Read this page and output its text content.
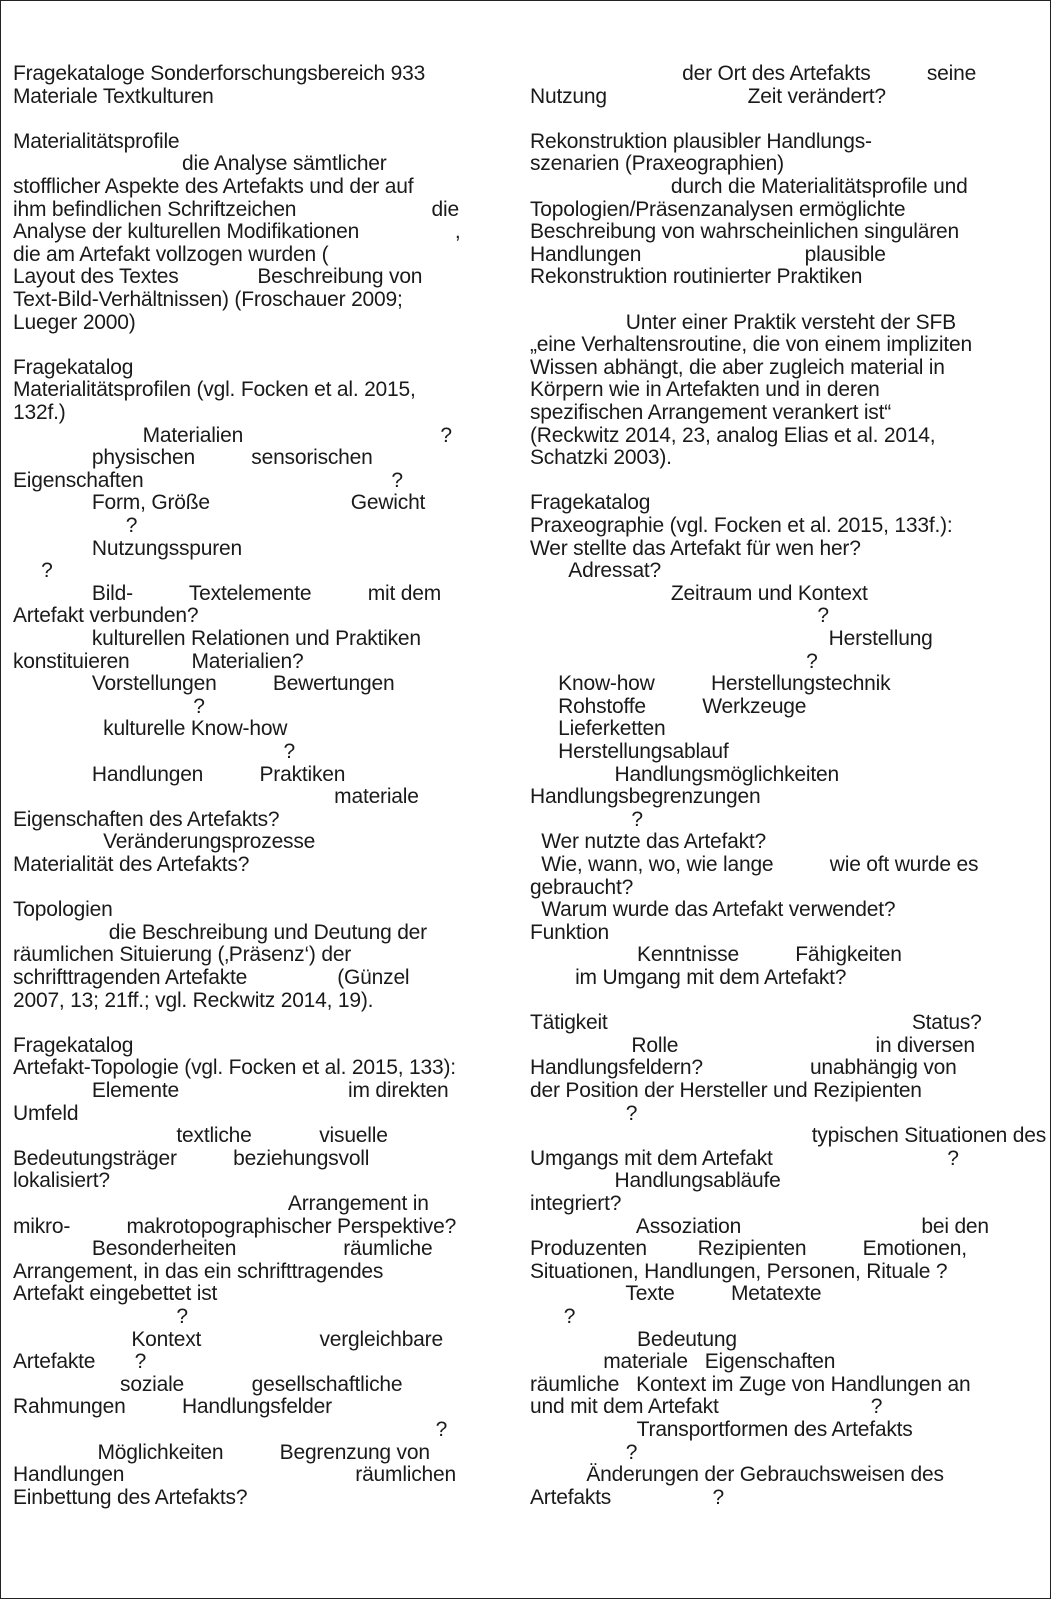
Fragekataloge Sonderforschungsbereich 933
Materiale Textkulturen
Materialitätsprofile
die Analyse sämtlicher
stofflicher Aspekte des Artefakts und der auf
ihm befindlichen Schriftzeichen                        die
Analyse der kulturellen Modifikationen                 ,
die am Artefakt vollzogen wurden (
Layout des Textes              Beschreibung von
Text-Bild-Verhältnissen) (Froschauer 2009;
Lueger 2000)
Fragekatalog
Materialitätsprofilen (vgl. Focken et al. 2015,
132f.)
Materialien                                   ?
physischen          sensorischen
Eigenschaften                                            ?
Form, Größe                         Gewicht
?
Nutzungsspuren
?
Bild-          Textelemente          mit dem
Artefakt verbunden?
kulturellen Relationen und Praktiken
konstituieren           Materialien?
Vorstellungen          Bewertungen
?
kulturelle Know-how
?
Handlungen          Praktiken
materiale
Eigenschaften des Artefakts?
Veränderungsprozesse
Materialität des Artefakts?
Topologien
die Beschreibung und Deutung der
räumlichen Situierung (‚Präsenz‘) der
schrifttragenden Artefakte                (Günzel
2007, 13; 21ff.; vgl. Reckwitz 2014, 19).
Fragekatalog
Artefakt-Topologie (vgl. Focken et al. 2015, 133):
Elemente                              im direkten
Umfeld
textliche            visuelle
Bedeutungsträger          beziehungsvoll
lokalisiert?
Arrangement in
mikro-          makrotopographischer Perspektive?
Besonderheiten                   räumliche
Arrangement, in das ein schrifttragendes
Artefakt eingebettet ist
?
Kontext                     vergleichbare
Artefakte       ?
soziale            gesellschaftliche
Rahmungen          Handlungsfelder
?
Möglichkeiten          Begrenzung von
Handlungen                                         räumlichen
Einbettung des Artefakts?
der Ort des Artefakts          seine
Nutzung                         Zeit verändert?
Rekonstruktion plausibler Handlungs-
szenarien (Praxeographien)
durch die Materialitätsprofile und
Topologien/Präsenzanalysen ermöglichte
Beschreibung von wahrscheinlichen singulären
Handlungen                             plausible
Rekonstruktion routinierter Praktiken
Unter einer Praktik versteht der SFB
„eine Verhaltensroutine, die von einem impliziten
Wissen abhängt, die aber zugleich material in
Körpern wie in Artefakten und in deren
spezifischen Arrangement verankert ist“
(Reckwitz 2014, 23, analog Elias et al. 2014,
Schatzki 2003).
Fragekatalog
Praxeographie (vgl. Focken et al. 2015, 133f.):
Wer stellte das Artefakt für wen her?
Adressat?
Zeitraum und Kontext
?
Herstellung
?
Know-how          Herstellungstechnik
Rohstoffe          Werkzeuge
Lieferketten
Herstellungsablauf
Handlungsmöglichkeiten
Handlungsbegrenzungen
?
Wer nutzte das Artefakt?
Wie, wann, wo, wie lange          wie oft wurde es
gebraucht?
Warum wurde das Artefakt verwendet?
Funktion
Kenntnisse          Fähigkeiten
im Umgang mit dem Artefakt?
Tätigkeit                                                      Status?
Rolle                                   in diversen
Handlungsfeldern?                   unabhängig von
der Position der Hersteller und Rezipienten
?
typischen Situationen des
Umgangs mit dem Artefakt                               ?
Handlungsabläufe
integriert?
Assoziation                                bei den
Produzenten         Rezipienten          Emotionen,
Situationen, Handlungen, Personen, Rituale ?
Texte          Metatexte
?
Bedeutung
materiale   Eigenschaften
räumliche   Kontext im Zuge von Handlungen an
und mit dem Artefakt                           ?
Transportformen des Artefakts
?
Änderungen der Gebrauchsweisen des
Artefakts                  ?
